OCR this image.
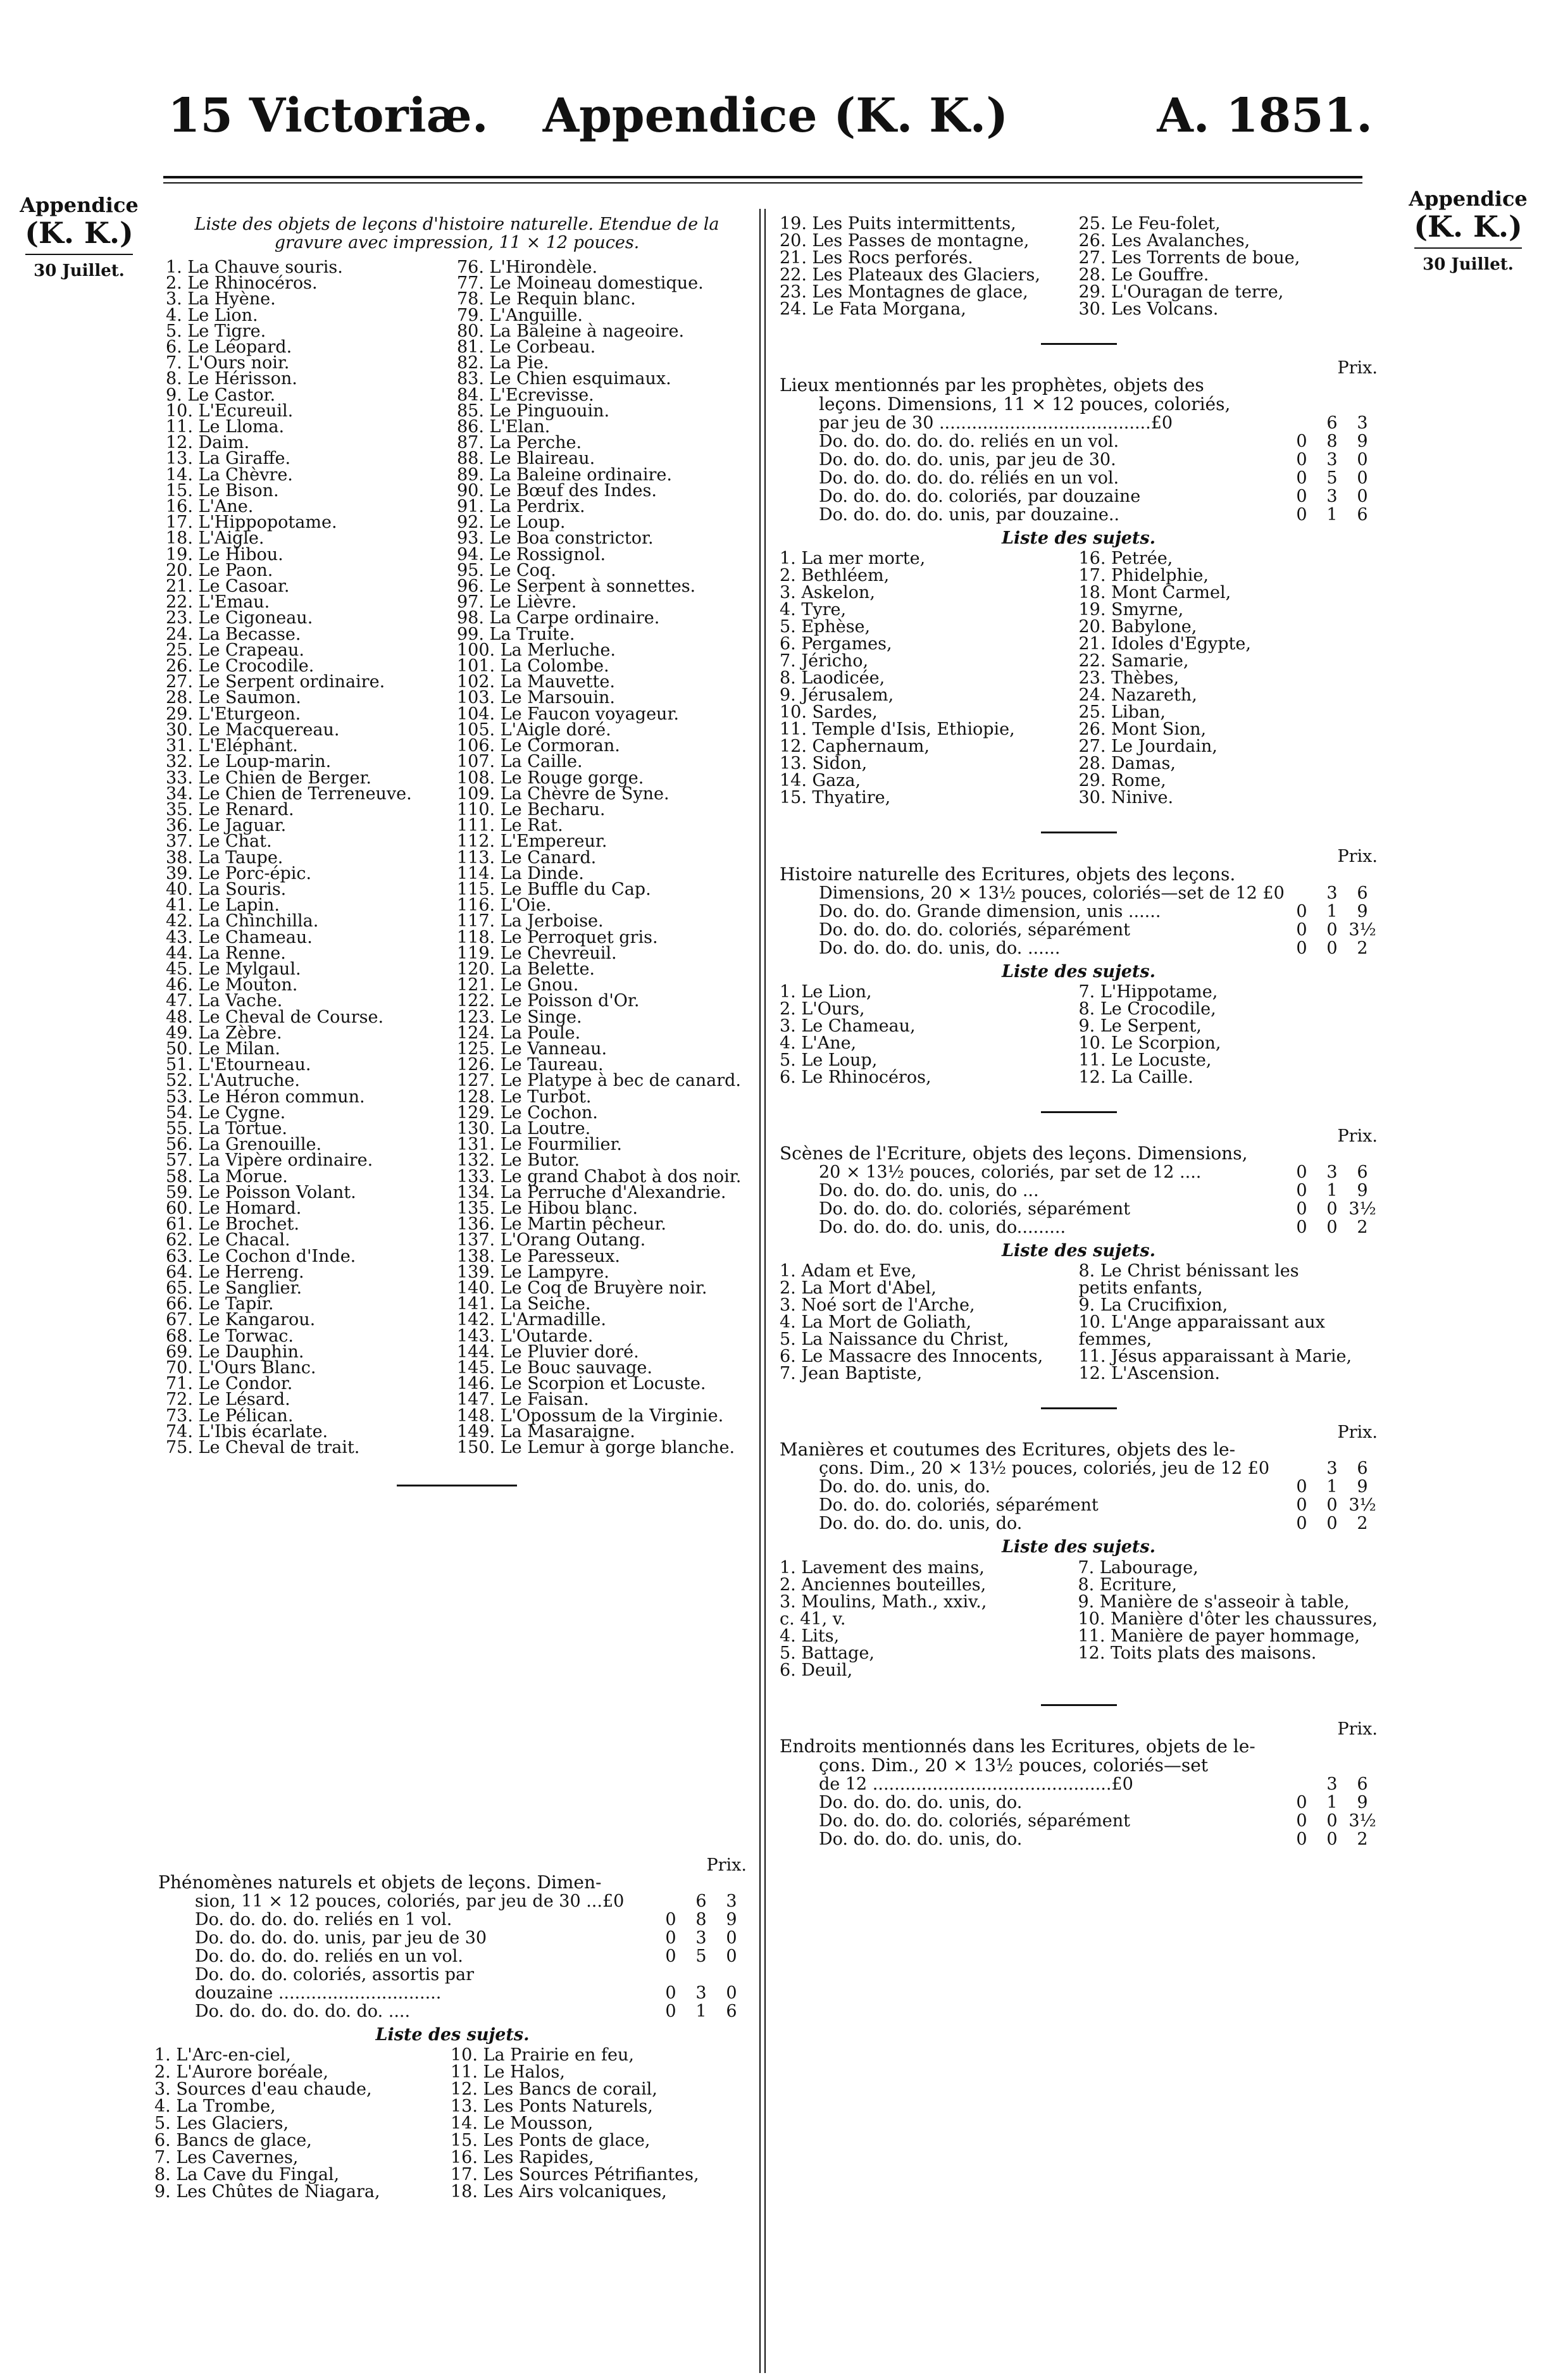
15 Victoriæ.	Appendice (K. K.)	A. 1851.
Appendice
(K. K.)
30 Juillet.
Appendice
(K. K.)
30 Juillet.
Liste des objets de leçons d'histoire naturelle. Etendue de la
gravure avec impression, 11 × 12 pouces.
1. La Chauve souris.
2. Le Rhinocéros.
3. La Hyène.
4. Le Lion.
5. Le Tigre.
6. Le Léopard.
7. L'Ours noir.
8. Le Hérisson.
9. Le Castor.
10. L'Ecureuil.
11. Le Lloma.
12. Daim.
13. La Giraffe.
14. La Chèvre.
15. Le Bison.
16. L'Ane.
17. L'Hippopotame.
18. L'Aigle.
19. Le Hibou.
20. Le Paon.
21. Le Casoar.
22. L'Emau.
23. Le Cigoneau.
24. La Becasse.
25. Le Crapeau.
26. Le Crocodile.
27. Le Serpent ordinaire.
28. Le Saumon.
29. L'Eturgeon.
30. Le Macquereau.
31. L'Eléphant.
32. Le Loup-marin.
33. Le Chien de Berger.
34. Le Chien de Terreneuve.
35. Le Renard.
36. Le Jaguar.
37. Le Chat.
38. La Taupe.
39. Le Porc-épic.
40. La Souris.
41. Le Lapin.
42. La Chinchilla.
43. Le Chameau.
44. La Renne.
45. Le Mylgaul.
46. Le Mouton.
47. La Vache.
48. Le Cheval de Course.
49. La Zèbre.
50. Le Milan.
51. L'Etourneau.
52. L'Autruche.
53. Le Héron commun.
54. Le Cygne.
55. La Tortue.
56. La Grenouille.
57. La Vipère ordinaire.
58. La Morue.
59. Le Poisson Volant.
60. Le Homard.
61. Le Brochet.
62. Le Chacal.
63. Le Cochon d'Inde.
64. Le Herreng.
65. Le Sanglier.
66. Le Tapir.
67. Le Kangarou.
68. Le Torwac.
69. Le Dauphin.
70. L'Ours Blanc.
71. Le Condor.
72. Le Lésard.
73. Le Pélican.
74. L'Ibis écarlate.
75. Le Cheval de trait.
76. L'Hirondèle.
77. Le Moineau domestique.
78. Le Requin blanc.
79. L'Anguille.
80. La Baleine à nageoire.
81. Le Corbeau.
82. La Pie.
83. Le Chien esquimaux.
84. L'Ecrevisse.
85. Le Pinguouin.
86. L'Elan.
87. La Perche.
88. Le Blaireau.
89. La Baleine ordinaire.
90. Le Bœuf des Indes.
91. La Perdrix.
92. Le Loup.
93. Le Boa constrictor.
94. Le Rossignol.
95. Le Coq.
96. Le Serpent à sonnettes.
97. Le Lièvre.
98. La Carpe ordinaire.
99. La Truite.
100. La Merluche.
101. La Colombe.
102. La Mauvette.
103. Le Marsouin.
104. Le Faucon voyageur.
105. L'Aigle doré.
106. Le Cormoran.
107. La Caille.
108. Le Rouge gorge.
109. La Chèvre de Syne.
110. Le Becharu.
111. Le Rat.
112. L'Empereur.
113. Le Canard.
114. La Dinde.
115. Le Buffle du Cap.
116. L'Oie.
117. La Jerboise.
118. Le Perroquet gris.
119. Le Chevreuil.
120. La Belette.
121. Le Gnou.
122. Le Poisson d'Or.
123. Le Singe.
124. La Poule.
125. Le Vanneau.
126. Le Taureau.
127. Le Platype à bec de canard.
128. Le Turbot.
129. Le Cochon.
130. La Loutre.
131. Le Fourmilier.
132. Le Butor.
133. Le grand Chabot à dos noir.
134. La Perruche d'Alexandrie.
135. Le Hibou blanc.
136. Le Martin pêcheur.
137. L'Orang Outang.
138. Le Paresseux.
139. Le Lampyre.
140. Le Coq de Bruyère noir.
141. La Seiche.
142. L'Armadille.
143. L'Outarde.
144. Le Pluvier doré.
145. Le Bouc sauvage.
146. Le Scorpion et Locuste.
147. Le Faisan.
148. L'Opossum de la Virginie.
149. La Masaraigne.
150. Le Lemur à gorge blanche.
Prix.
Phénomènes naturels et objets de leçons. Dimen-
sion, 11 × 12 pouces, coloriés, par jeu de 30 ...£0	6	3
Do. do. do. do. reliés en 1 vol.	0	8	9
Do. do. do. do. unis, par jeu de 30	0	3	0
Do. do. do. do. reliés en un vol.	0	5	0
Do. do. do. coloriés, assortis par
douzaine ..............................	0	3	0
Do. do. do. do. do. do. ....	0	1	6
Liste des sujets.
1. L'Arc-en-ciel,
2. L'Aurore boréale,
3. Sources d'eau chaude,
4. La Trombe,
5. Les Glaciers,
6. Bancs de glace,
7. Les Cavernes,
8. La Cave du Fingal,
9. Les Chûtes de Niagara,
10. La Prairie en feu,
11. Le Halos,
12. Les Bancs de corail,
13. Les Ponts Naturels,
14. Le Mousson,
15. Les Ponts de glace,
16. Les Rapides,
17. Les Sources Pétrifiantes,
18. Les Airs volcaniques,
19. Les Puits intermittents,
20. Les Passes de montagne,
21. Les Rocs perforés.
22. Les Plateaux des Glaciers,
23. Les Montagnes de glace,
24. Le Fata Morgana,
25. Le Feu-folet,
26. Les Avalanches,
27. Les Torrents de boue,
28. Le Gouffre.
29. L'Ouragan de terre,
30. Les Volcans.
Prix.
Lieux mentionnés par les prophètes, objets des
leçons. Dimensions, 11 × 12 pouces, coloriés,
par jeu de 30 .......................................£0	6	3
Do. do. do. do. do. reliés en un vol.	0	8	9
Do. do. do. do. unis, par jeu de 30.	0	3	0
Do. do. do. do. do. réliés en un vol.	0	5	0
Do. do. do. do. coloriés, par douzaine	0	3	0
Do. do. do. do. unis, par douzaine..	0	1	6
Liste des sujets.
1. La mer morte,
2. Bethléem,
3. Askelon,
4. Tyre,
5. Ephèse,
6. Pergames,
7. Jéricho,
8. Laodicée,
9. Jérusalem,
10. Sardes,
11. Temple d'Isis, Ethiopie,
12. Caphernaum,
13. Sidon,
14. Gaza,
15. Thyatire,
16. Petrée,
17. Phidelphie,
18. Mont Carmel,
19. Smyrne,
20. Babylone,
21. Idoles d'Egypte,
22. Samarie,
23. Thèbes,
24. Nazareth,
25. Liban,
26. Mont Sion,
27. Le Jourdain,
28. Damas,
29. Rome,
30. Ninive.
Prix.
Histoire naturelle des Ecritures, objets des leçons.
Dimensions, 20 × 13½ pouces, coloriés—set de 12 £0	3	6
Do. do. do. Grande dimension, unis ......	0	1	9
Do. do. do. do. coloriés, séparément	0	0 3½
Do. do. do. do. unis, do. ......	0	0	2
Liste des sujets.
1. Le Lion,
2. L'Ours,
3. Le Chameau,
4. L'Ane,
5. Le Loup,
6. Le Rhinocéros,
7. L'Hippotame,
8. Le Crocodile,
9. Le Serpent,
10. Le Scorpion,
11. Le Locuste,
12. La Caille.
Prix.
Scènes de l'Ecriture, objets des leçons. Dimensions,
20 × 13½ pouces, coloriés, par set de 12 ....	0	3	6
Do. do. do. do. unis, do ...	0	1	9
Do. do. do. do. coloriés, séparément	0	0 3½
Do. do. do. do. unis, do.........	0	0	2
Liste des sujets.
1. Adam et Eve,
2. La Mort d'Abel,
3. Noé sort de l'Arche,
4. La Mort de Goliath,
5. La Naissance du Christ,
6. Le Massacre des Innocents,
7. Jean Baptiste,
8. Le Christ bénissant les
petits enfants,
9. La Crucifixion,
10. L'Ange apparaissant aux
femmes,
11. Jésus apparaissant à Marie,
12. L'Ascension.
Prix.
Manières et coutumes des Ecritures, objets des le-
çons. Dim., 20 × 13½ pouces, coloriés, jeu de 12 £0	3	6
Do. do. do. unis, do.	0	1	9
Do. do. do. coloriés, séparément	0	0 3½
Do. do. do. do. unis, do.	0	0	2
Liste des sujets.
1. Lavement des mains,
2. Anciennes bouteilles,
3. Moulins, Math., xxiv.,
c. 41, v.
4. Lits,
5. Battage,
6. Deuil,
7. Labourage,
8. Ecriture,
9. Manière de s'asseoir à table,
10. Manière d'ôter les chaussures,
11. Manière de payer hommage,
12. Toits plats des maisons.
Prix.
Endroits mentionnés dans les Ecritures, objets de le-
çons. Dim., 20 × 13½ pouces, coloriés—set
de 12 ............................................£0	3	6
Do. do. do. do. unis, do.	0	1	9
Do. do. do. do. coloriés, séparément	0	0 3½
Do. do. do. do. unis, do.	0	0	2
